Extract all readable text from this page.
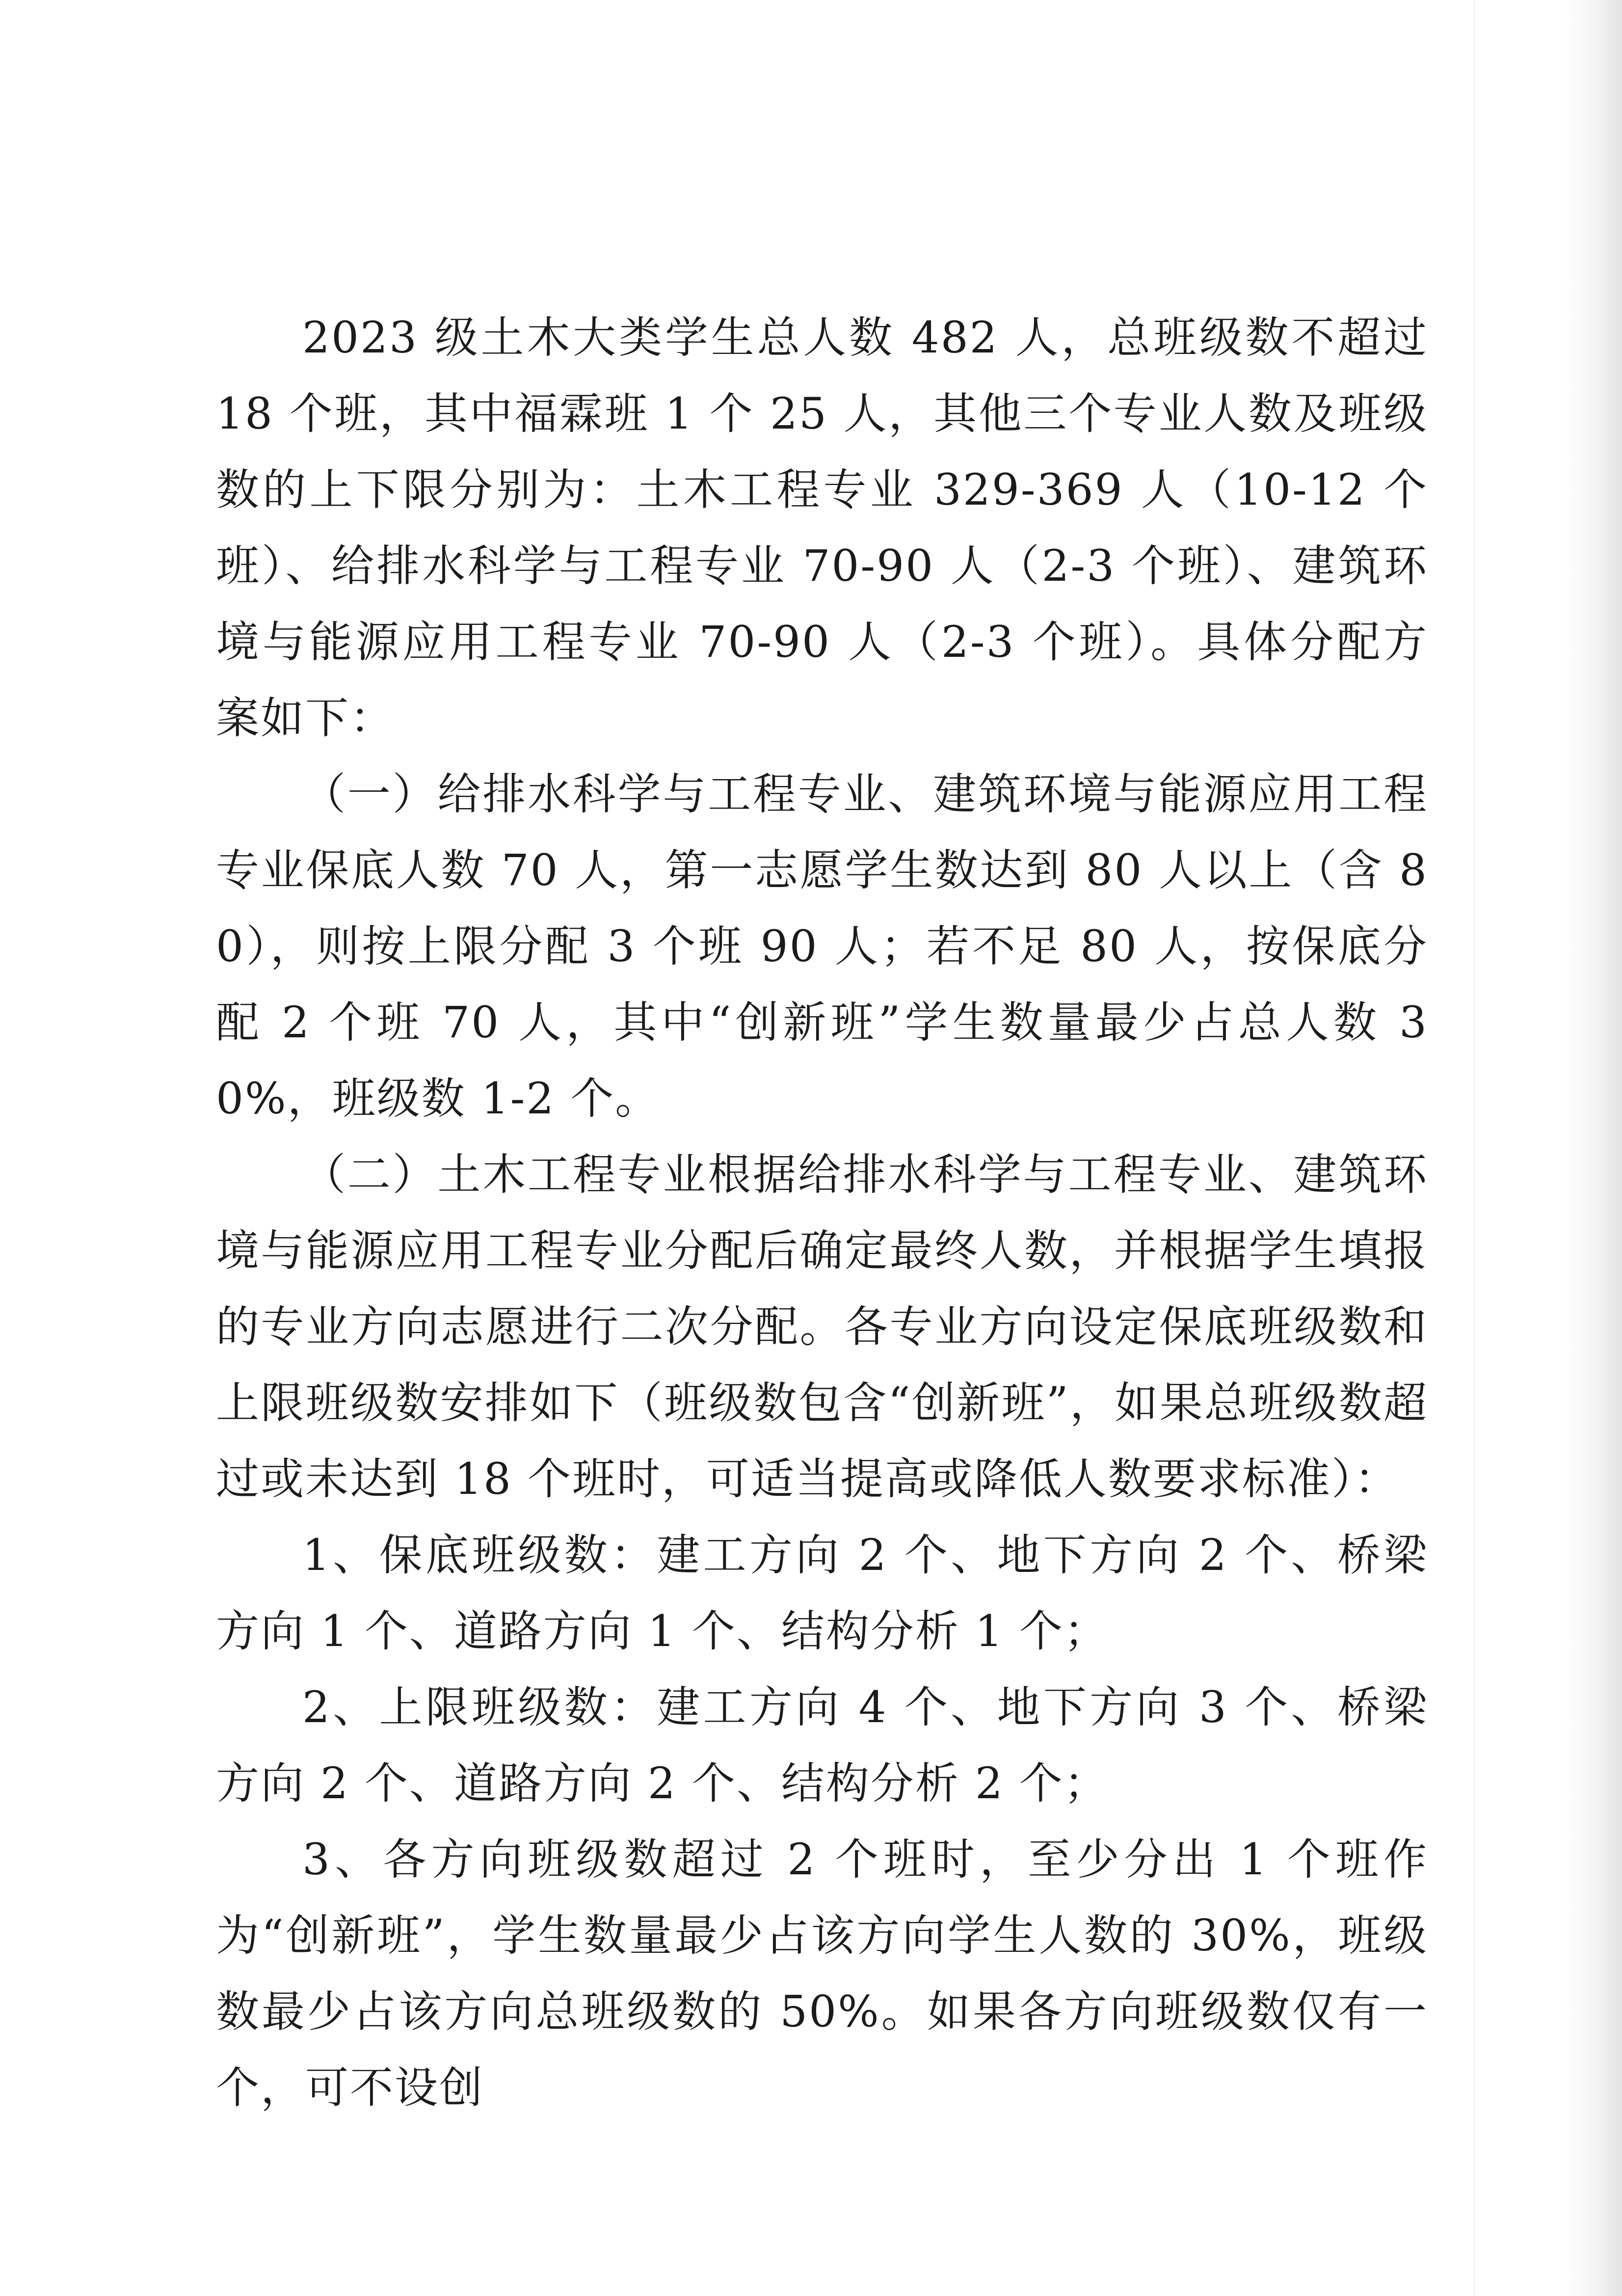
2023 级土木大类学生总人数 482 人，总班级数不超过 18 个班，其中福霖班 1 个 25 人，其他三个专业人数及班级数的上下限分别为：土木工程专业 329-369 人（10-12 个班）、给排水科学与工程专业 70-90 人（2-3 个班）、建筑环境与能源应用工程专业 70-90 人（2-3 个班）。具体分配方案如下：

（一）给排水科学与工程专业、建筑环境与能源应用工程专业保底人数 70 人，第一志愿学生数达到 80 人以上（含 80），则按上限分配 3 个班 90 人；若不足 80 人，按保底分配 2 个班 70 人，其中“创新班”学生数量最少占总人数 30%，班级数 1-2 个。

（二）土木工程专业根据给排水科学与工程专业、建筑环境与能源应用工程专业分配后确定最终人数，并根据学生填报的专业方向志愿进行二次分配。各专业方向设定保底班级数和上限班级数安排如下（班级数包含“创新班”，如果总班级数超过或未达到 18 个班时，可适当提高或降低人数要求标准）：

1、保底班级数：建工方向 2 个、地下方向 2 个、桥梁方向 1 个、道路方向 1 个、结构分析 1 个；

2、上限班级数：建工方向 4 个、地下方向 3 个、桥梁方向 2 个、道路方向 2 个、结构分析 2 个；

3、各方向班级数超过 2 个班时，至少分出 1 个班作为“创新班”，学生数量最少占该方向学生人数的 30%，班级数最少占该方向总班级数的 50%。如果各方向班级数仅有一个，可不设创
